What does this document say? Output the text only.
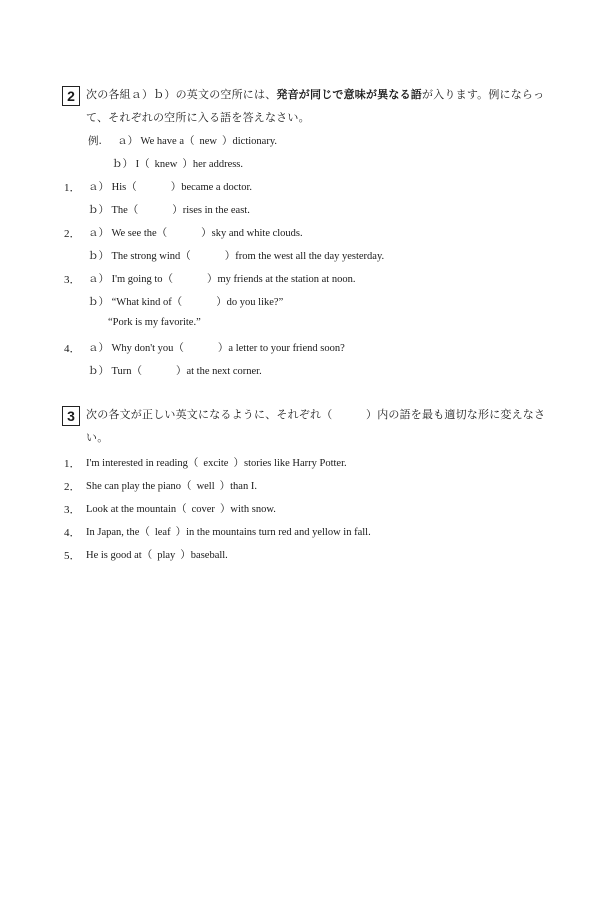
2	次の各組ａ）ｂ）の英文の空所には、発音が同じで意味が異なる語が入ります。例にならって、それぞれの空所に入る語を答えなさい。
例. ａ） We have a（ new ）dictionary.
ｂ） I（ knew ）her address.
1． ａ） His（	）became a doctor.
ｂ） The（	）rises in the east.
2． ａ） We see the（	）sky and white clouds.
ｂ） The strong wind（	）from the west all the day yesterday.
3． ａ） I'm going to（	）my friends at the station at noon.
ｂ） “What kind of（	）do you like?”
“Pork is my favorite.”
4． ａ） Why don't you（	）a letter to your friend soon?
ｂ） Turn（	）at the next corner.
3	次の各文が正しい英文になるように、それぞれ（　　　）内の語を最も適切な形に変えなさい。
1． I'm interested in reading（ excite ）stories like Harry Potter.
2． She can play the piano（ well ）than I.
3． Look at the mountain（ cover ）with snow.
4． In Japan, the（ leaf ）in the mountains turn red and yellow in fall.
5． He is good at（ play ）baseball.
